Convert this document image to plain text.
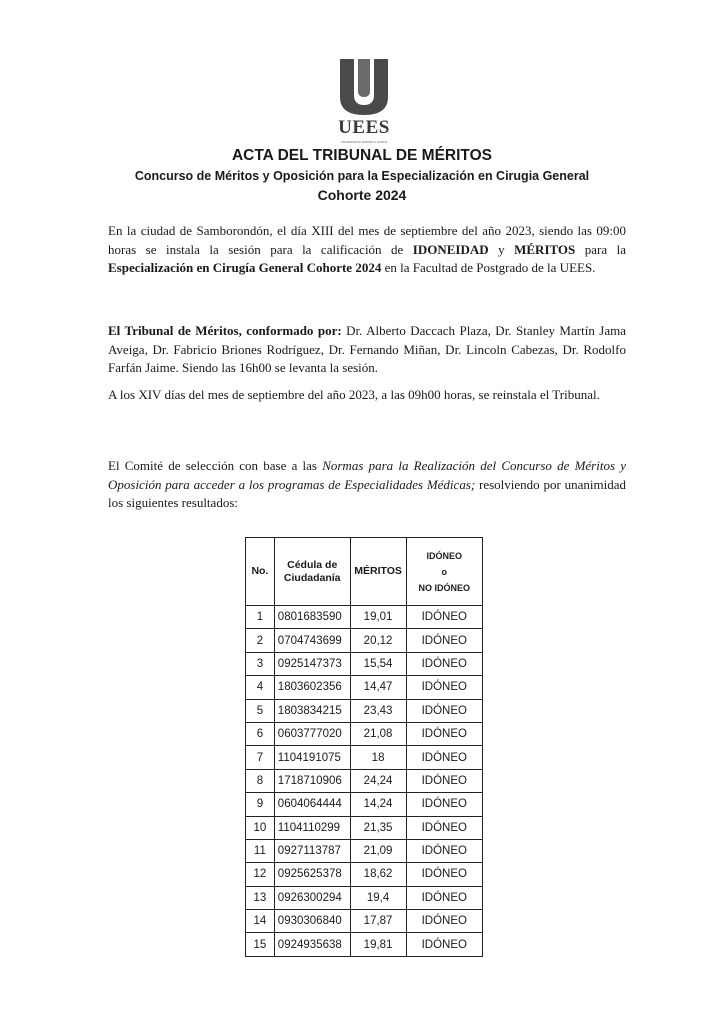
UEES
UNIVERSIDAD ESPÍRITU SANTO
ACTA DEL TRIBUNAL DE MÉRITOS
Concurso de Méritos y Oposición para la Especialización en Cirugia General
Cohorte 2024
En la ciudad de Samborondón, el día XIII del mes de septiembre del año 2023, siendo las 09:00 horas se instala la sesión para la calificación de IDONEIDAD y MÉRITOS para la Especialización en Cirugía General Cohorte 2024 en la Facultad de Postgrado de la UEES.
El Tribunal de Méritos, conformado por: Dr. Alberto Daccach Plaza, Dr. Stanley Martín Jama Aveiga, Dr. Fabricio Briones Rodríguez, Dr. Fernando Miñan, Dr. Lincoln Cabezas, Dr. Rodolfo Farfán Jaime. Siendo las 16h00 se levanta la sesión.
A los XIV días del mes de septiembre del año 2023, a las 09h00 horas, se reinstala el Tribunal.
El Comité de selección con base a las Normas para la Realización del Concurso de Méritos y Oposición para acceder a los programas de Especialidades Médicas; resolviendo por unanimidad los siguientes resultados:
No.	Cédula de Ciudadanía	MÉRITOS	IDÓNEO
o
NO IDÓNEO

1	0801683590	19,01	IDÓNEO
2	0704743699	20,12	IDÓNEO
3	0925147373	15,54	IDÓNEO
4	1803602356	14,47	IDÓNEO
5	1803834215	23,43	IDÓNEO
6	0603777020	21,08	IDÓNEO
7	1104191075	18	IDÓNEO
8	1718710906	24,24	IDÓNEO
9	0604064444	14,24	IDÓNEO
10	1104110299	21,35	IDÓNEO
11	0927113787	21,09	IDÓNEO
12	0925625378	18,62	IDÓNEO
13	0926300294	19,4	IDÓNEO
14	0930306840	17,87	IDÓNEO
15	0924935638	19,81	IDÓNEO
